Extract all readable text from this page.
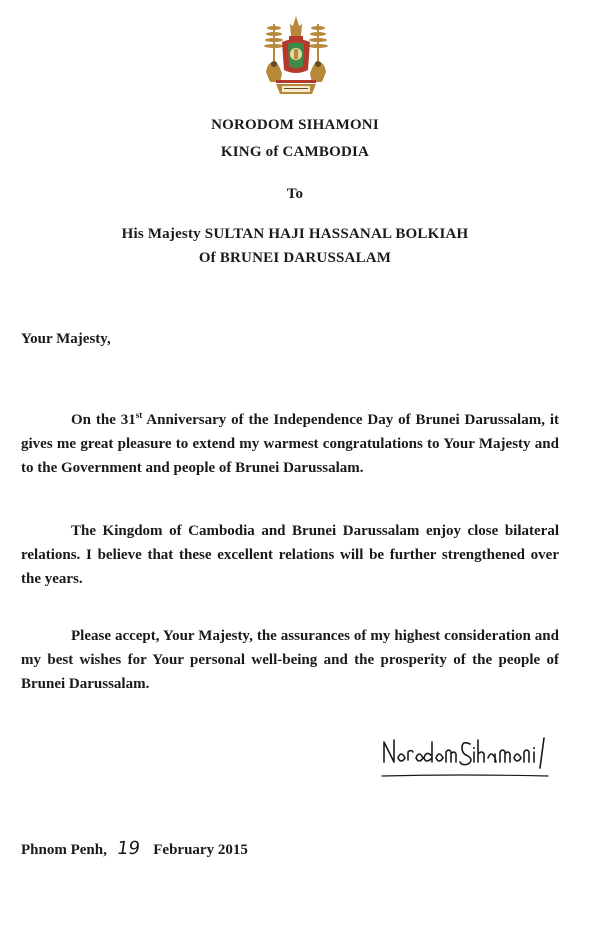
NORODOM SIHAMONI
KING of CAMBODIA
To
His Majesty SULTAN HAJI HASSANAL BOLKIAH
Of BRUNEI DARUSSALAM
Your Majesty,
On the 31st Anniversary of the Independence Day of Brunei Darussalam, it gives me great pleasure to extend my warmest congratulations to Your Majesty and to the Government and people of Brunei Darussalam.
The Kingdom of Cambodia and Brunei Darussalam enjoy close bilateral relations. I believe that these excellent relations will be further strengthened over the years.
Please accept, Your Majesty, the assurances of my highest consideration and my best wishes for Your personal well-being and the prosperity of the people of Brunei Darussalam.
Phnom Penh, 19 February 2015
